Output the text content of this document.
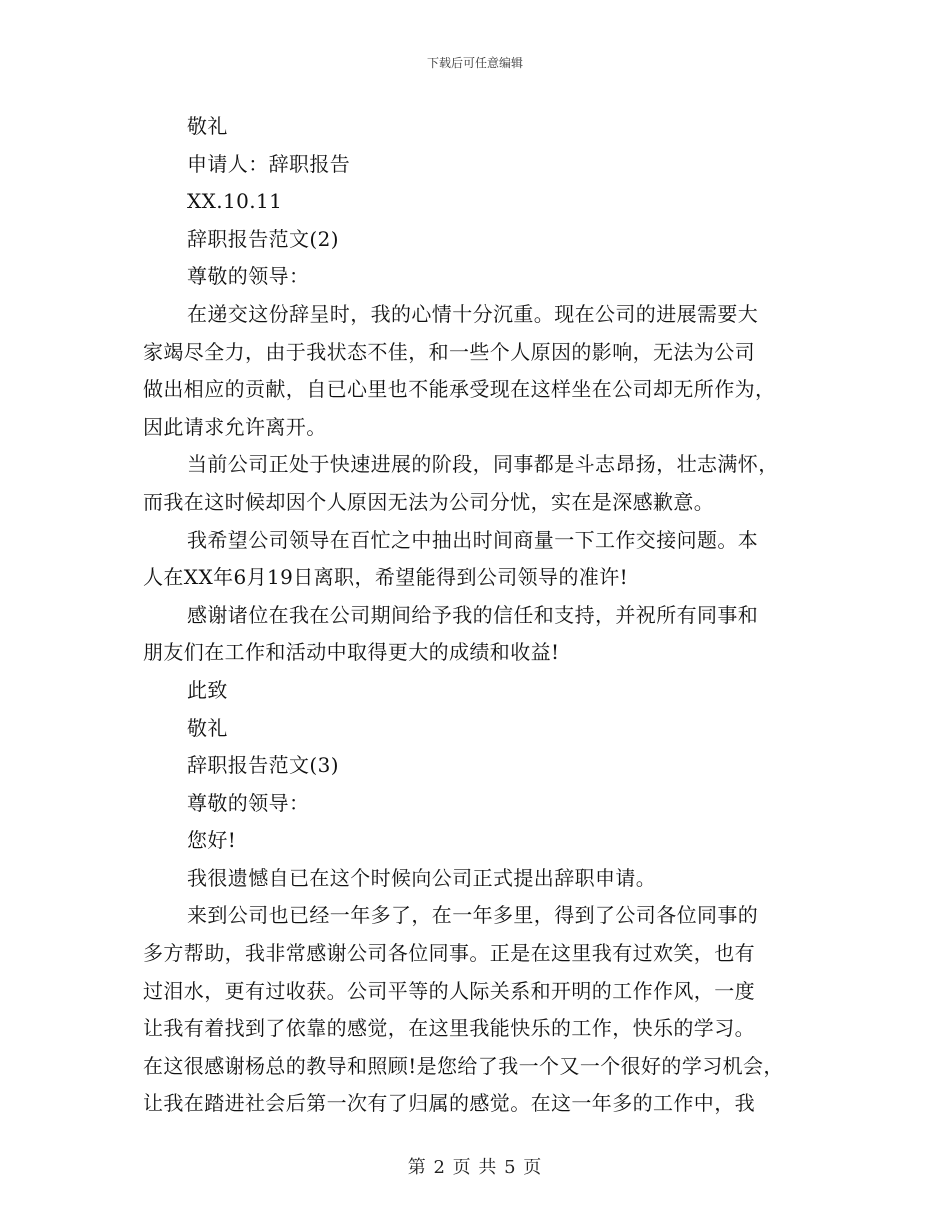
下载后可任意编辑
敬礼
申请人：辞职报告
XX.10.11
辞职报告范文(2)
尊敬的领导：
在递交这份辞呈时，我的心情十分沉重。现在公司的进展需要大
家竭尽全力，由于我状态不佳，和一些个人原因的影响，无法为公司
做出相应的贡献，自已心里也不能承受现在这样坐在公司却无所作为，
因此请求允许离开。
当前公司正处于快速进展的阶段，同事都是斗志昂扬，壮志满怀，
而我在这时候却因个人原因无法为公司分忧，实在是深感歉意。
我希望公司领导在百忙之中抽出时间商量一下工作交接问题。本
人在XX年6月19日离职，希望能得到公司领导的准许!
感谢诸位在我在公司期间给予我的信任和支持，并祝所有同事和
朋友们在工作和活动中取得更大的成绩和收益!
此致
敬礼
辞职报告范文(3)
尊敬的领导：
您好!
我很遗憾自已在这个时候向公司正式提出辞职申请。
来到公司也已经一年多了，在一年多里，得到了公司各位同事的
多方帮助，我非常感谢公司各位同事。正是在这里我有过欢笑，也有
过泪水，更有过收获。公司平等的人际关系和开明的工作作风，一度
让我有着找到了依靠的感觉，在这里我能快乐的工作，快乐的学习。
在这很感谢杨总的教导和照顾!是您给了我一个又一个很好的学习机会，
让我在踏进社会后第一次有了归属的感觉。在这一年多的工作中，我
第 2 页 共 5 页
